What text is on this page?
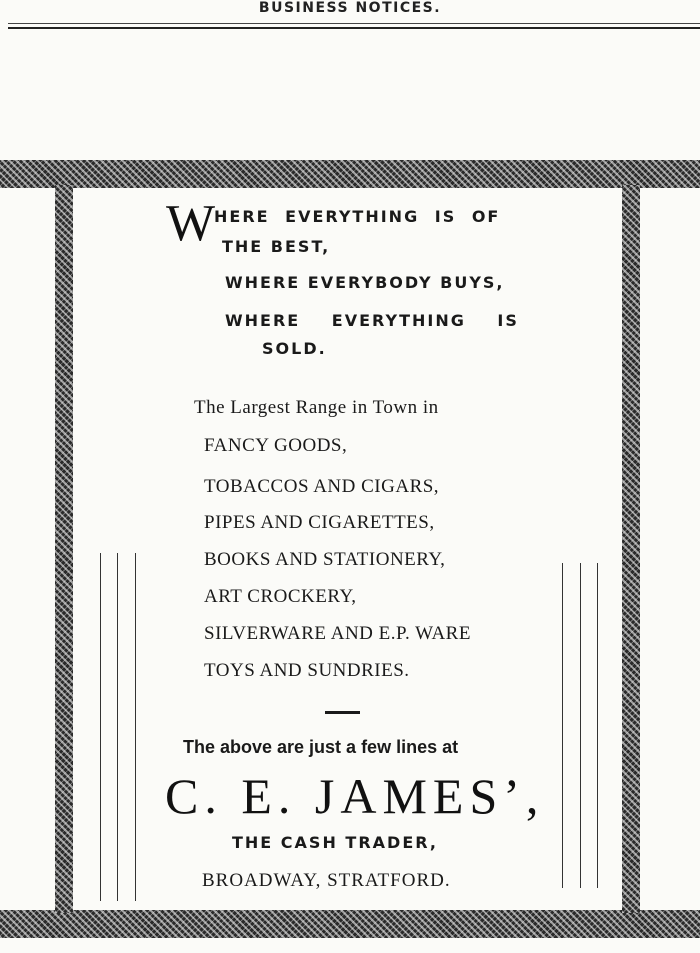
BUSINESS NOTICES.
W
HERE EVERYTHING IS OF
THE BEST,
WHERE EVERYBODY BUYS,
WHERE EVERYTHING IS
SOLD.
The Largest Range in Town in
FANCY GOODS,
TOBACCOS AND CIGARS,
PIPES AND CIGARETTES,
BOOKS AND STATIONERY,
ART CROCKERY,
SILVERWARE AND E.P. WARE
TOYS AND SUNDRIES.
The above are just a few lines at
C. E. JAMES’,
THE CASH TRADER,
BROADWAY, STRATFORD.
